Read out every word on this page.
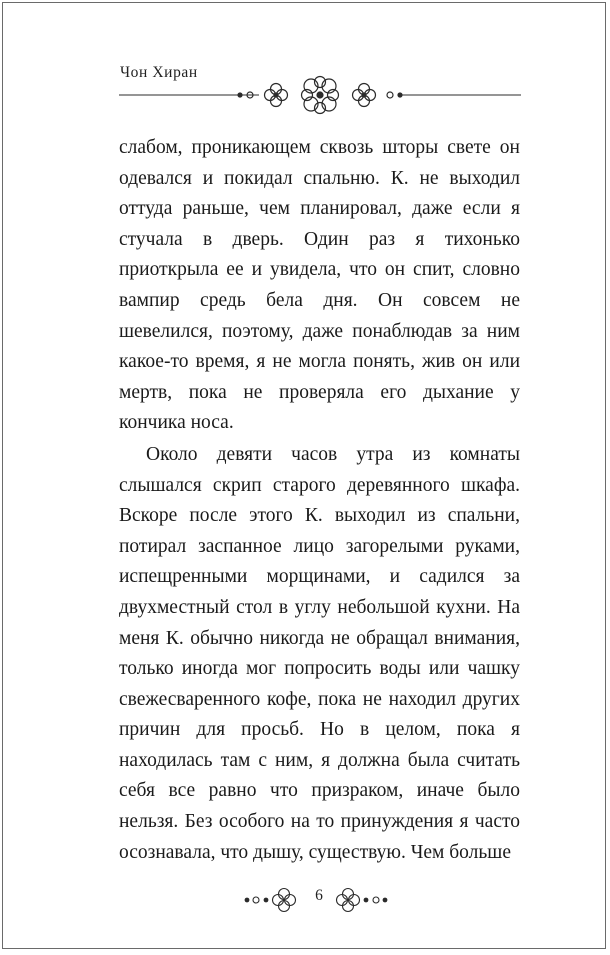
Чон Хиран

слабом, проникающем сквозь шторы свете он одевался и покидал спальню. К. не выходил оттуда раньше, чем планировал, даже если я стучала в дверь. Один раз я тихонько приоткрыла ее и увидела, что он спит, словно вампир средь бела дня. Он совсем не шевелился, поэтому, даже понаблюдав за ним какое-то время, я не могла понять, жив он или мертв, пока не проверяла его дыхание у кончика носа.

Около девяти часов утра из комнаты слышался скрип старого деревянного шкафа. Вскоре после этого К. выходил из спальни, потирал заспанное лицо загорелыми руками, испещренными морщинами, и садился за двухместный стол в углу небольшой кухни. На меня К. обычно никогда не обращал внимания, только иногда мог попросить воды или чашку свежесваренного кофе, пока не находил других причин для просьб. Но в целом, пока я находилась там с ним, я должна была считать себя все равно что призраком, иначе было нельзя. Без особого на то принуждения я часто осознавала, что дышу, существую. Чем больше

6
